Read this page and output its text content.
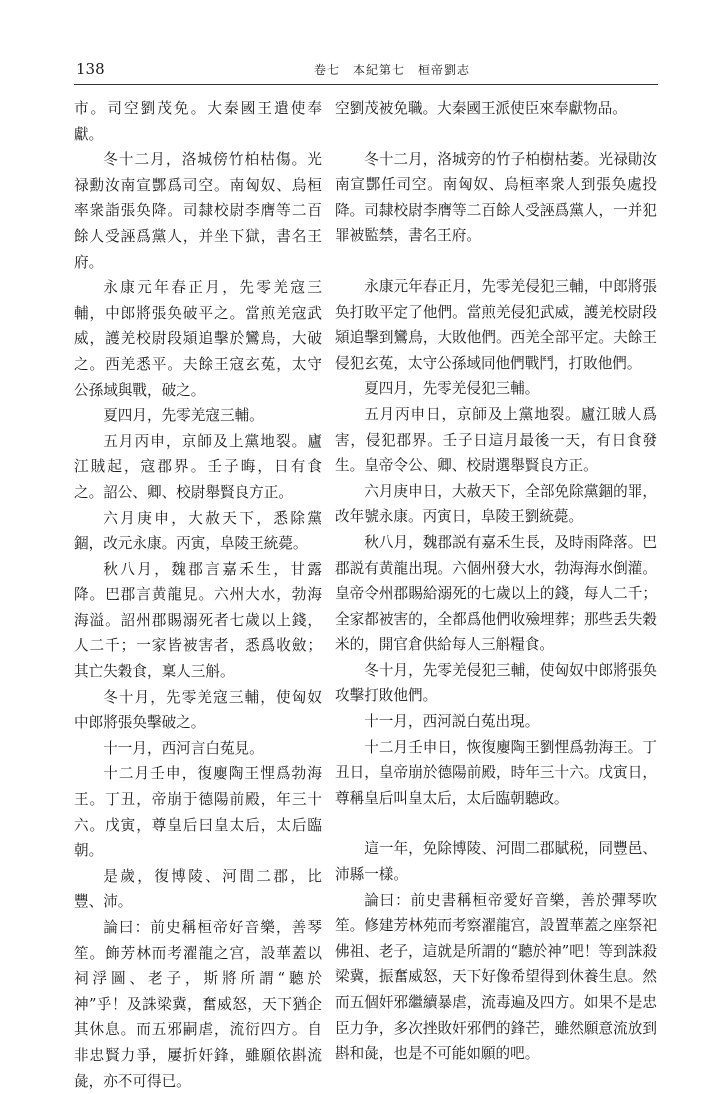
138	卷七　本紀第七　桓帝劉志

市。司空劉茂免。大秦國王遣使奉獻。

冬十二月，洛城傍竹柏枯傷。光禄勳汝南宣酆爲司空。南匈奴、烏桓率衆詣張奂降。司隸校尉李膺等二百餘人受誣爲黨人，并坐下獄，書名王府。

永康元年春正月，先零羌寇三輔，中郎將張奂破平之。當煎羌寇武威，護羌校尉段熲追擊於鸞鳥，大破之。西羌悉平。夫餘王寇玄菟，太守公孫域與戰，破之。

夏四月，先零羌寇三輔。

五月丙申，京師及上黨地裂。廬江賊起，寇郡界。壬子晦，日有食之。詔公、卿、校尉舉賢良方正。

六月庚申，大赦天下，悉除黨錮，改元永康。丙寅，阜陵王統薨。

秋八月，魏郡言嘉禾生，甘露降。巴郡言黄龍見。六州大水，勃海海溢。詔州郡賜溺死者七歲以上錢，人二千；一家皆被害者，悉爲收斂；其亡失穀食，稟人三斛。

冬十月，先零羌寇三輔，使匈奴中郎將張奂擊破之。

十一月，西河言白菟見。

十二月壬申，復廮陶王悝爲勃海王。丁丑，帝崩于德陽前殿，年三十六。戊寅，尊皇后曰皇太后，太后臨朝。

是歲，復博陵、河間二郡，比豐、沛。

論曰：前史稱桓帝好音樂，善琴笙。飾芳林而考濯龍之宫，設華蓋以祠浮圖、老子，斯將所謂“聽於神”乎！及誅梁冀，奮威怒，天下猶企其休息。而五邪嗣虐，流衍四方。自非忠賢力爭，屢折奸鋒，雖願依斟流彘，亦不可得已。

空劉茂被免職。大秦國王派使臣來奉獻物品。

冬十二月，洛城旁的竹子柏樹枯萎。光禄勛汝南宣酆任司空。南匈奴、烏桓率衆人到張奂處投降。司隸校尉李膺等二百餘人受誣爲黨人，一并犯罪被監禁，書名王府。

永康元年春正月，先零羌侵犯三輔，中郎將張奂打敗平定了他們。當煎羌侵犯武威，護羌校尉段熲追擊到鸞鳥，大敗他們。西羌全部平定。夫餘王侵犯玄菟，太守公孫域同他們戰鬥，打敗他們。

夏四月，先零羌侵犯三輔。

五月丙申日，京師及上黨地裂。廬江賊人爲害，侵犯郡界。壬子日這月最後一天，有日食發生。皇帝令公、卿、校尉選舉賢良方正。

六月庚申日，大赦天下，全部免除黨錮的罪，改年號永康。丙寅日，阜陵王劉統薨。

秋八月，魏郡説有嘉禾生長，及時雨降落。巴郡説有黄龍出現。六個州發大水，勃海海水倒灌。皇帝令州郡賜給溺死的七歲以上的錢，每人二千；全家都被害的，全都爲他們收殮埋葬；那些丢失穀米的，開官倉供給每人三斛糧食。

冬十月，先零羌侵犯三輔，使匈奴中郎將張奂攻擊打敗他們。

十一月，西河説白菟出現。

十二月壬申日，恢復廮陶王劉悝爲勃海王。丁丑日，皇帝崩於德陽前殿，時年三十六。戊寅日，尊稱皇后叫皇太后，太后臨朝聽政。

這一年，免除博陵、河間二郡賦税，同豐邑、沛縣一樣。

論曰：前史書稱桓帝愛好音樂，善於彈琴吹笙。修建芳林苑而考察濯龍宫，設置華蓋之座祭祀佛祖、老子，這就是所謂的“聽於神”吧！等到誅殺梁冀，振奮威怒，天下好像希望得到休養生息。然而五個奸邪繼續暴虐，流毒遍及四方。如果不是忠臣力争，多次挫敗奸邪們的鋒芒，雖然願意流放到斟和彘，也是不可能如願的吧。
